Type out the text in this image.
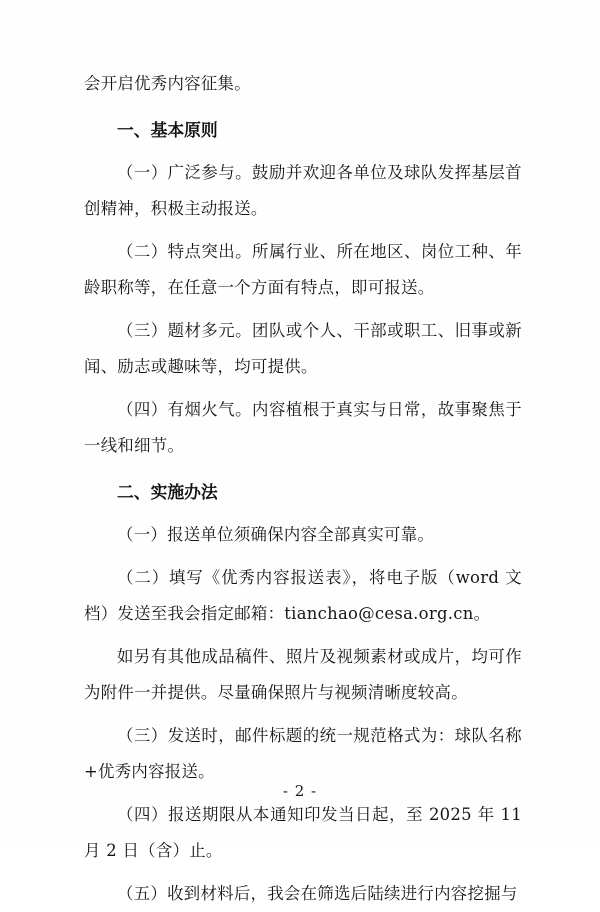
会开启优秀内容征集。

一、基本原则

（一）广泛参与。鼓励并欢迎各单位及球队发挥基层首创精神，积极主动报送。

（二）特点突出。所属行业、所在地区、岗位工种、年龄职称等，在任意一个方面有特点，即可报送。

（三）题材多元。团队或个人、干部或职工、旧事或新闻、励志或趣味等，均可提供。

（四）有烟火气。内容植根于真实与日常，故事聚焦于一线和细节。

二、实施办法

（一）报送单位须确保内容全部真实可靠。

（二）填写《优秀内容报送表》，将电子版（word 文档）发送至我会指定邮箱：tianchao@cesa.org.cn。

如另有其他成品稿件、照片及视频素材或成片，均可作为附件一并提供。尽量确保照片与视频清晰度较高。

（三）发送时，邮件标题的统一规范格式为：球队名称+优秀内容报送。

（四）报送期限从本通知印发当日起，至 2025 年 11 月 2 日（含）止。

（五）收到材料后，我会在筛选后陆续进行内容挖掘与

- 2 -
